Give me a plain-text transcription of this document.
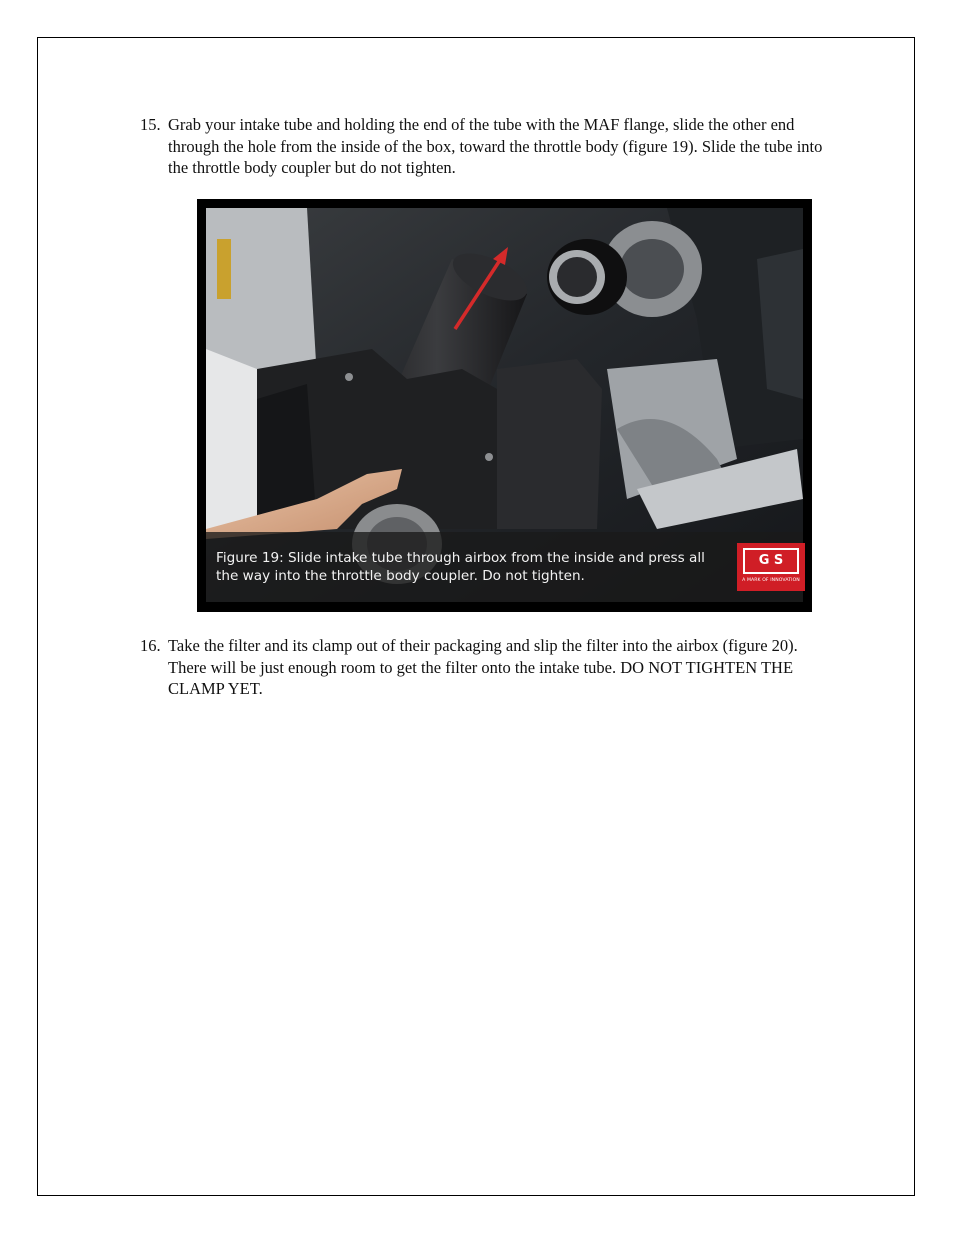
15. Grab your intake tube and holding the end of the tube with the MAF flange, slide the other end through the hole from the inside of the box, toward the throttle body (figure 19). Slide the tube into the throttle body coupler but do not tighten.
Figure 19: Slide intake tube through airbox from the inside and press all
the way into the throttle body coupler. Do not tighten.
G S
A MARK OF INNOVATION
16. Take the filter and its clamp out of their packaging and slip the filter into the airbox (figure 20). There will be just enough room to get the filter onto the intake tube. DO NOT TIGHTEN THE CLAMP YET.
